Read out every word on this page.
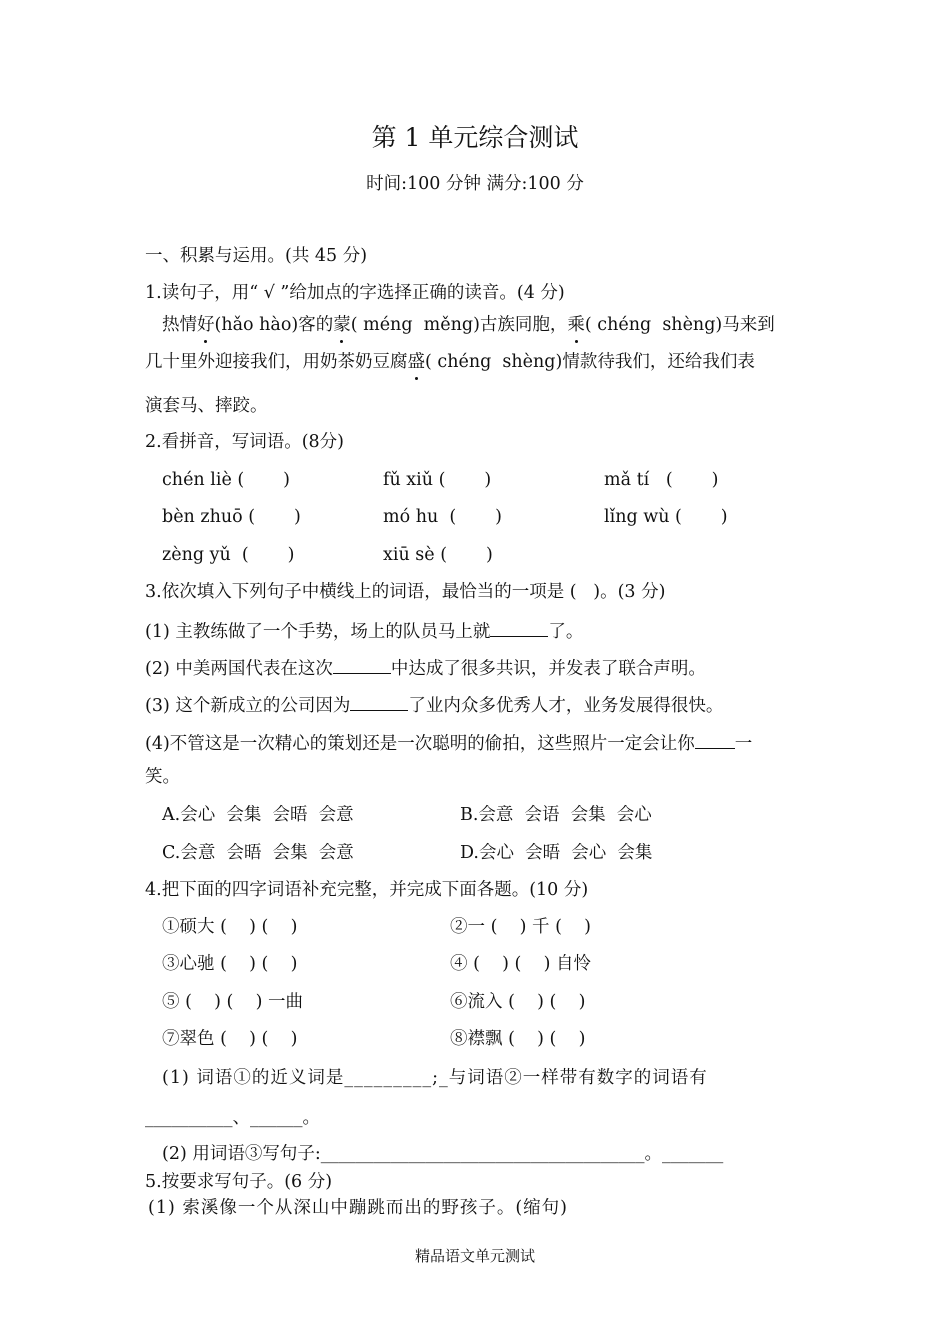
第 1 单元综合测试
时间:100 分钟 满分:100 分
一、积累与运用。(共 45 分)
1.读句子，用“ √ ”给加点的字选择正确的读音。(4 分)
热情好(hǎo hào)客的蒙( méng  měng)古族同胞，乘( chéng  shèng)马来到
几十里外迎接我们，用奶茶奶豆腐盛( chéng  shèng)情款待我们，还给我们表
演套马、摔跤。
2.看拼音，写词语。(8分)
chén liè (       )	fǔ xiǔ (       )	mǎ tí   (       )
bèn zhuō (       )	mó hu  (       )	lǐng wù (       )
zèng yǔ  (       )	xiū sè (       )
3.依次填入下列句子中横线上的词语，最恰当的一项是 (   )。(3 分)
(1) 主教练做了一个手势，场上的队员马上就	了。
(2) 中美两国代表在这次	中达成了很多共识，并发表了联合声明。
(3) 这个新成立的公司因为	了业内众多优秀人才，业务发展得很快。
(4)不管这是一次精心的策划还是一次聪明的偷拍，这些照片一定会让你 一
笑。
A.会心  会集  会晤  会意	B.会意  会语  会集  会心
C.会意  会晤  会集  会意	D.会心  会晤  会心  会集
4.把下面的四字词语补充完整，并完成下面各题。(10 分)
①硕大 (    ) (    )	②一 (    ) 千 (    )
③心驰 (    ) (    )	④ (    ) (    ) 自怜
⑤ (    ) (    ) 一曲	⑥流入 (    ) (    )
⑦翠色 (    ) (    )	⑧襟飘 (    ) (    )
(1) 词语①的近义词是_________;_与词语②一样带有数字的词语有
__________、______。
(2) 用词语③写句子:_____________________________________。_______
5.按要求写句子。(6 分)
(1) 索溪像一个从深山中蹦跳而出的野孩子。(缩句)
精品语文单元测试
